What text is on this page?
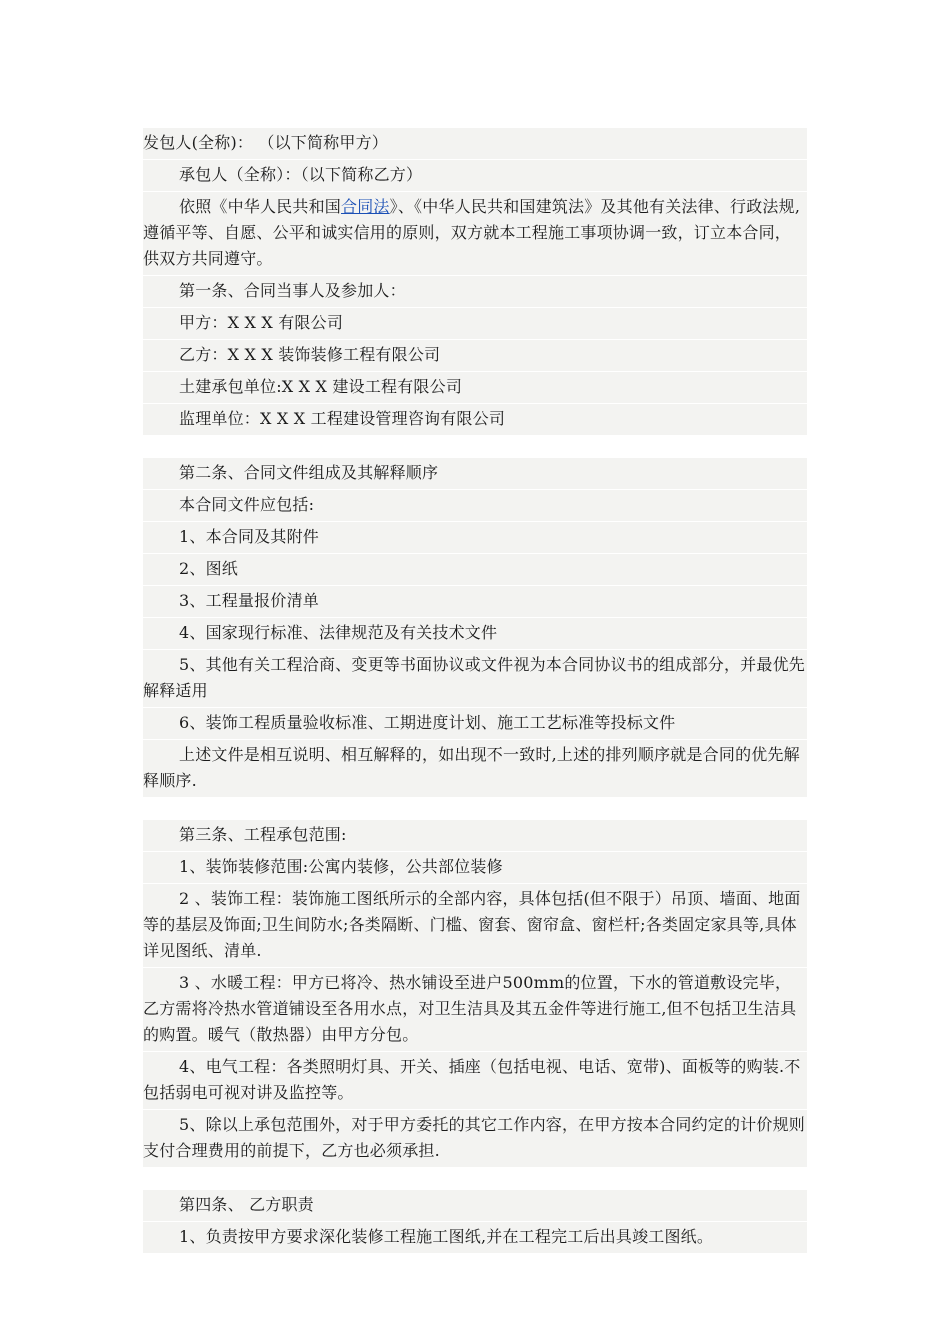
发包人(全称)： （以下简称甲方）

承包人（全称）：（以下简称乙方）

依照《中华人民共和国合同法》、《中华人民共和国建筑法》及其他有关法律、行政法规,遵循平等、自愿、公平和诚实信用的原则，双方就本工程施工事项协调一致，订立本合同，供双方共同遵守。

第一条、合同当事人及参加人：

甲方：X X X 有限公司

乙方：X X X 装饰装修工程有限公司

土建承包单位:X X X 建设工程有限公司

监理单位：X X X 工程建设管理咨询有限公司

第二条、合同文件组成及其解释顺序

本合同文件应包括:

1、本合同及其附件

2、图纸

3、工程量报价清单

4、国家现行标准、法律规范及有关技术文件

5、其他有关工程洽商、变更等书面协议或文件视为本合同协议书的组成部分，并最优先解释适用

6、装饰工程质量验收标准、工期进度计划、施工工艺标准等投标文件

上述文件是相互说明、相互解释的，如出现不一致时,上述的排列顺序就是合同的优先解释顺序.

第三条、工程承包范围:

1、装饰装修范围:公寓内装修，公共部位装修

2 、装饰工程：装饰施工图纸所示的全部内容，具体包括(但不限于）吊顶、墙面、地面等的基层及饰面;卫生间防水;各类隔断、门槛、窗套、窗帘盒、窗栏杆;各类固定家具等,具体详见图纸、清单.

3 、水暖工程：甲方已将冷、热水铺设至进户500mm的位置，下水的管道敷设完毕，乙方需将冷热水管道铺设至各用水点，对卫生洁具及其五金件等进行施工,但不包括卫生洁具的购置。暖气（散热器）由甲方分包。

4、电气工程：各类照明灯具、开关、插座（包括电视、电话、宽带)、面板等的购装.不包括弱电可视对讲及监控等。

5、除以上承包范围外，对于甲方委托的其它工作内容，在甲方按本合同约定的计价规则支付合理费用的前提下，乙方也必须承担.

第四条、 乙方职责

1、负责按甲方要求深化装修工程施工图纸,并在工程完工后出具竣工图纸。
